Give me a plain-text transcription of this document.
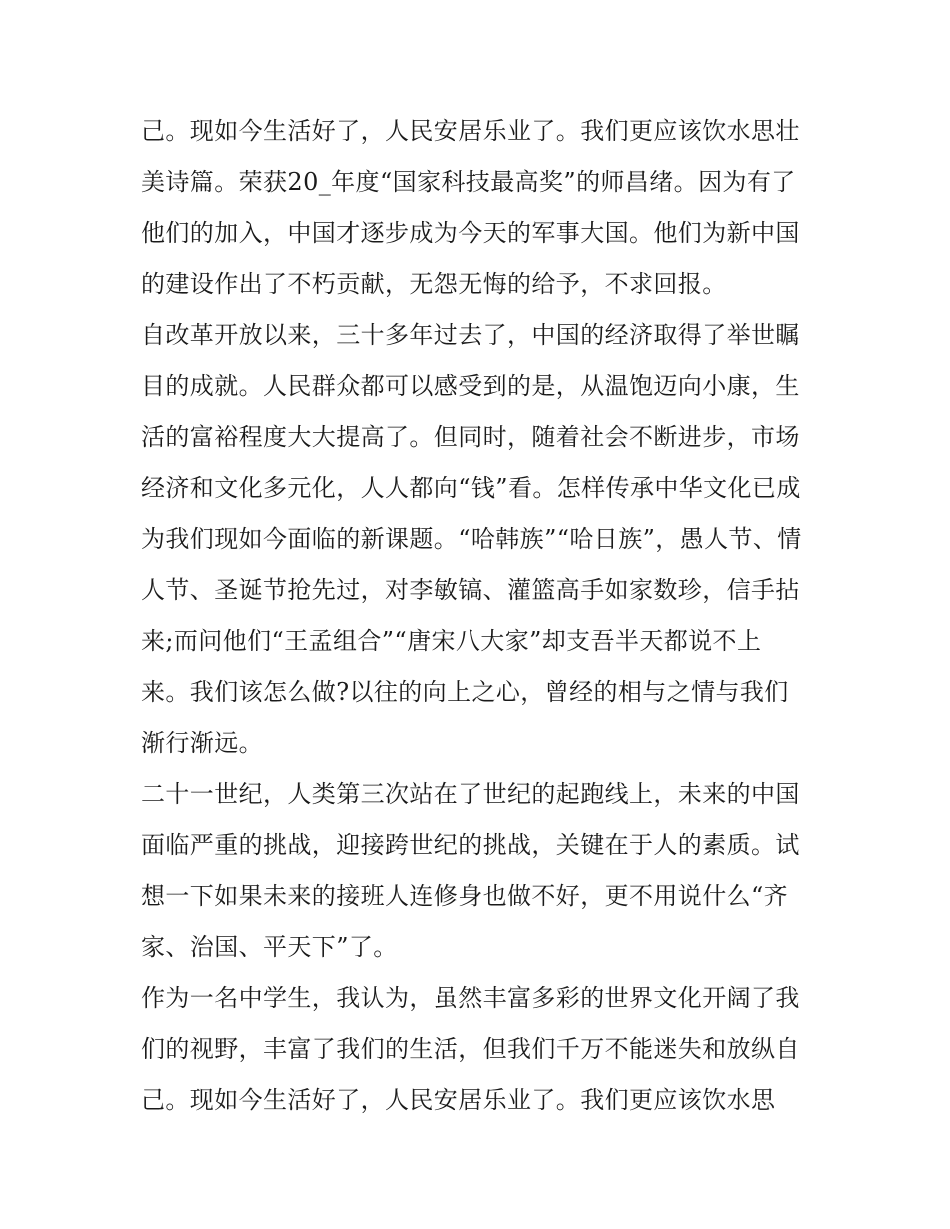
己。现如今生活好了，人民安居乐业了。我们更应该饮水思壮
美诗篇。荣获20_年度“国家科技最高奖”的师昌绪。因为有了
他们的加入，中国才逐步成为今天的军事大国。他们为新中国
的建设作出了不朽贡献，无怨无悔的给予，不求回报。
自改革开放以来，三十多年过去了，中国的经济取得了举世瞩
目的成就。人民群众都可以感受到的是，从温饱迈向小康，生
活的富裕程度大大提高了。但同时，随着社会不断进步，市场
经济和文化多元化，人人都向“钱”看。怎样传承中华文化已成
为我们现如今面临的新课题。“哈韩族”“哈日族”，愚人节、情
人节、圣诞节抢先过，对李敏镐、灌篮高手如家数珍，信手拈
来;而问他们“王孟组合”“唐宋八大家”却支吾半天都说不上
来。我们该怎么做?以往的向上之心，曾经的相与之情与我们
渐行渐远。
二十一世纪，人类第三次站在了世纪的起跑线上，未来的中国
面临严重的挑战，迎接跨世纪的挑战，关键在于人的素质。试
想一下如果未来的接班人连修身也做不好，更不用说什么“齐
家、治国、平天下”了。
作为一名中学生，我认为，虽然丰富多彩的世界文化开阔了我
们的视野，丰富了我们的生活，但我们千万不能迷失和放纵自
己。现如今生活好了，人民安居乐业了。我们更应该饮水思
